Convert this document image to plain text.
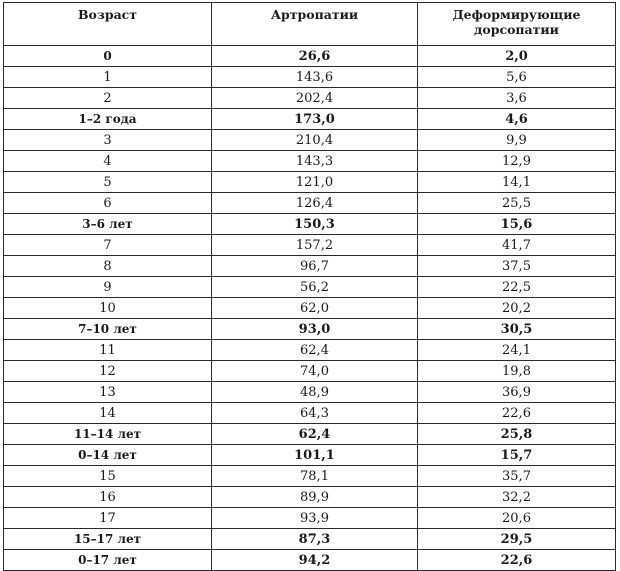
Возраст	Артропатии	Деформирующие дорсопатии
0	26,6	2,0
1	143,6	5,6
2	202,4	3,6
1–2 года	173,0	4,6
3	210,4	9,9
4	143,3	12,9
5	121,0	14,1
6	126,4	25,5
3–6 лет	150,3	15,6
7	157,2	41,7
8	96,7	37,5
9	56,2	22,5
10	62,0	20,2
7–10 лет	93,0	30,5
11	62,4	24,1
12	74,0	19,8
13	48,9	36,9
14	64,3	22,6
11–14 лет	62,4	25,8
0–14 лет	101,1	15,7
15	78,1	35,7
16	89,9	32,2
17	93,9	20,6
15–17 лет	87,3	29,5
0–17 лет	94,2	22,6
